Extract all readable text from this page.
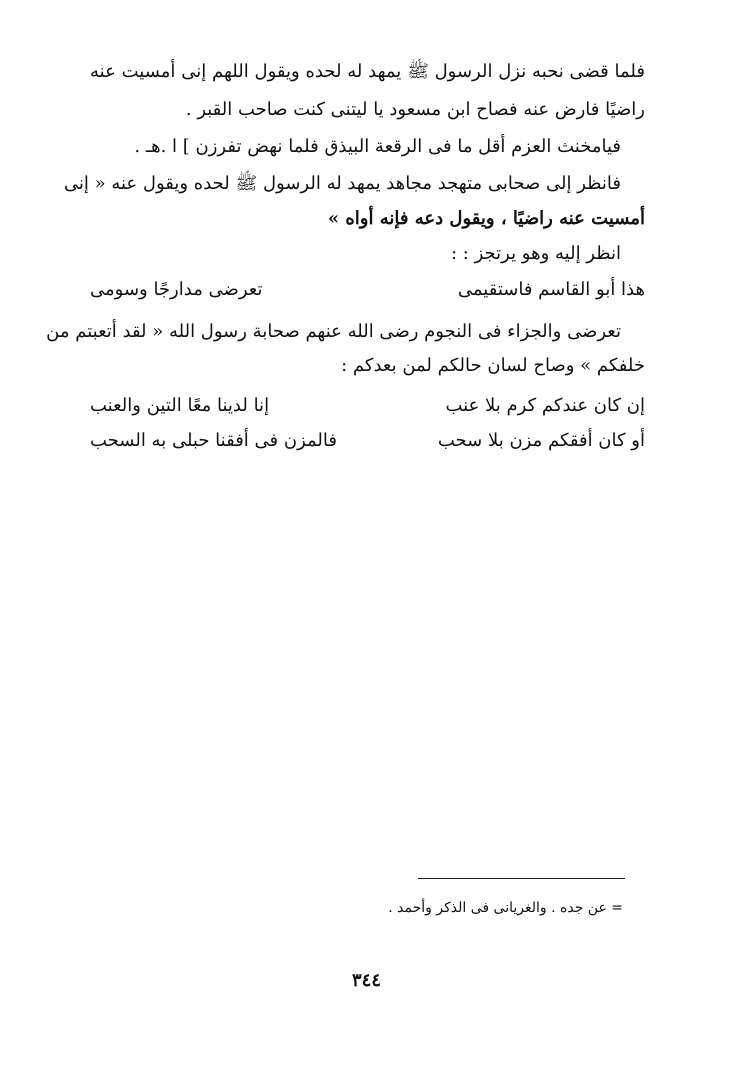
فلما قضى نحبه نزل الرسول ﷺ يمهد له لحده ويقول اللهم إنى أمسيت عنه
راضيًا فارض عنه فصاح ابن مسعود يا ليتنى كنت صاحب القبر .
فيامخنث العزم أقل ما فى الرقعة البيذق فلما نهض تفرزن ] ا .هـ .
فانظر إلى صحابى متهجد مجاهد يمهد له الرسول ﷺ لحده ويقول عنه « إنى
أمسيت عنه راضيًا ، ويقول دعه فإنه أواه »
انظر إليه وهو يرتجز : :
هذا أبو القاسم فاستقيمى
تعرضى مدارجًا وسومى
تعرضى والجزاء فى النجوم رضى الله عنهم صحابة رسول الله « لقد أتعبتم من
خلفكم » وصاح لسان حالكم لمن بعدكم :
إن كان عندكم كرم بلا عنب
إنا لدينا معًا التين والعنب
أو كان أفقكم مزن بلا سحب
فالمزن فى أفقنا حبلى به السحب
= عن جده . والغريانى فى الذكر وأحمد .
٣٤٤
